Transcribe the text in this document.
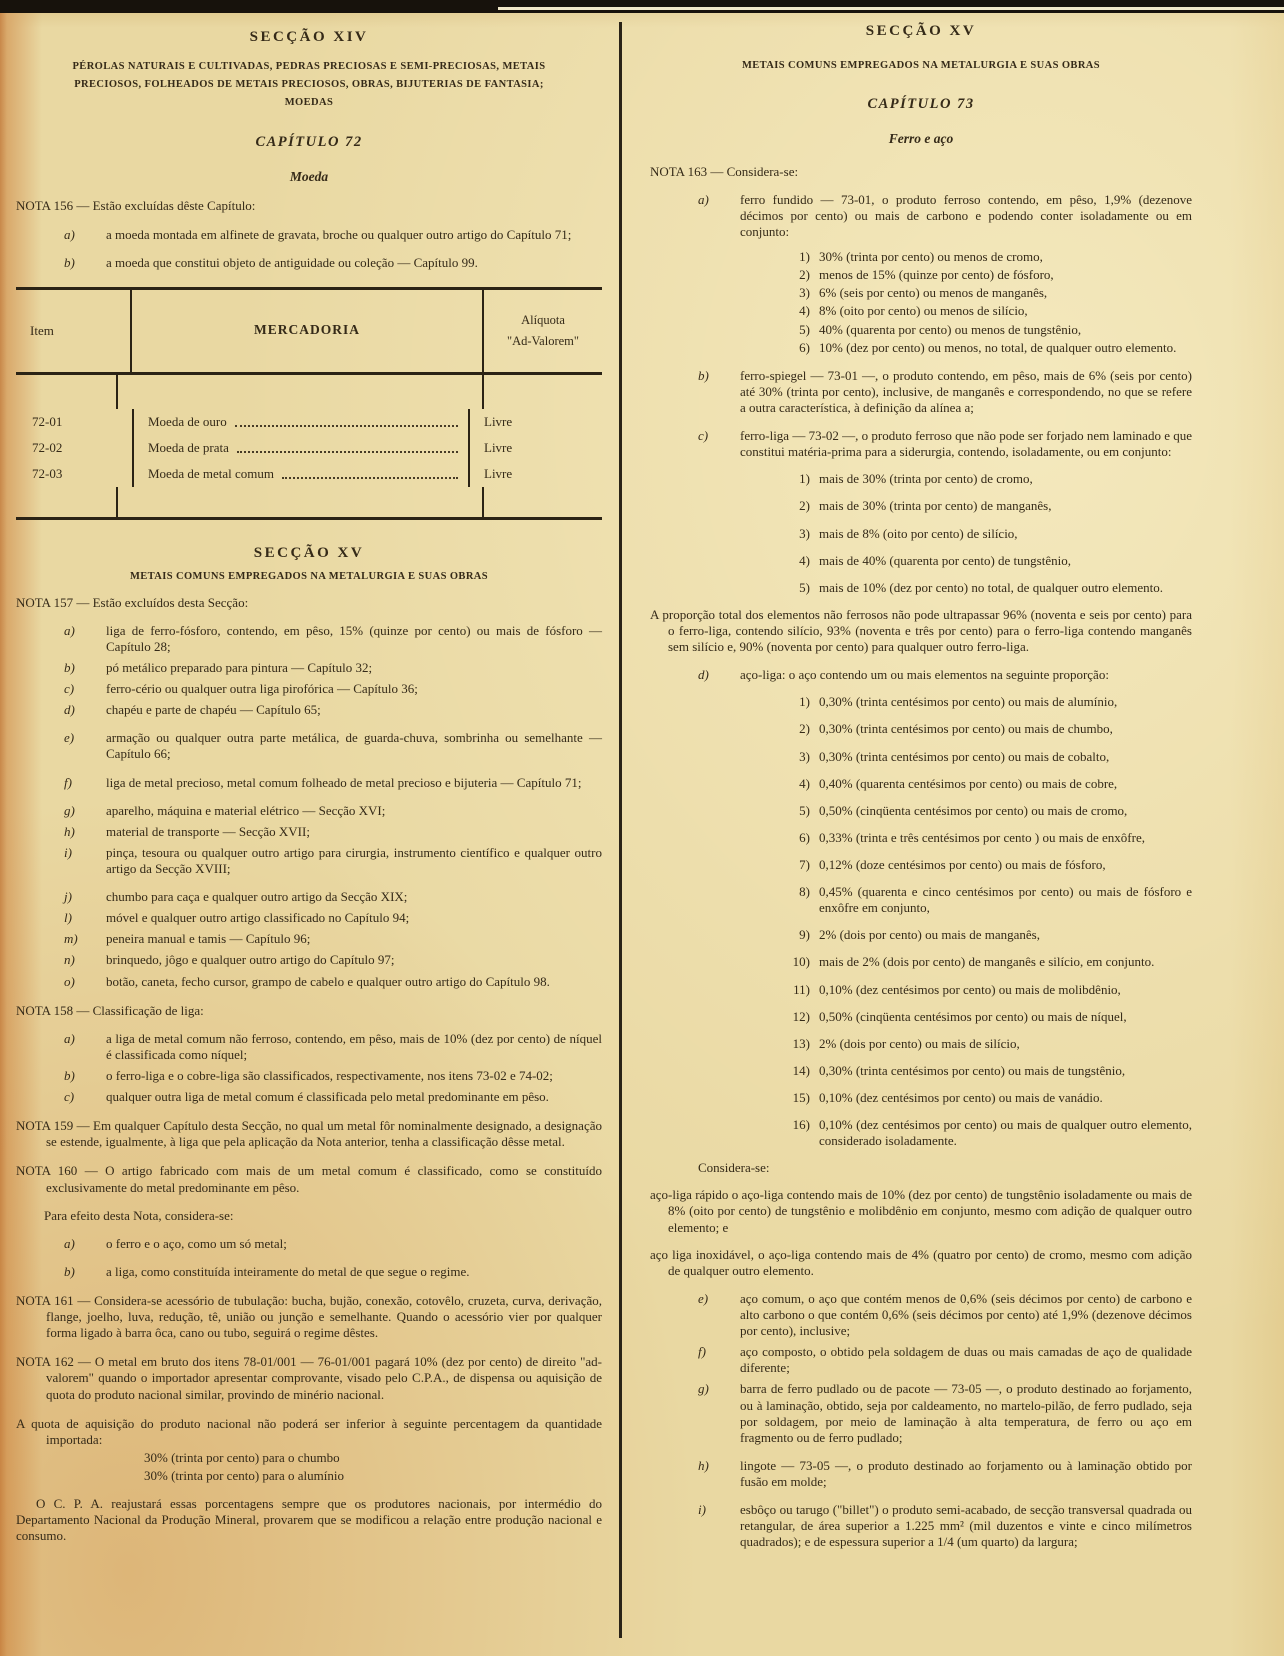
SECÇÃO XIV
PÉROLAS NATURAIS E CULTIVADAS, PEDRAS PRECIOSAS E SEMI-PRECIOSAS, METAIS PRECIOSOS, FOLHEADOS DE METAIS PRECIOSOS, OBRAS, BIJUTERIAS DE FANTASIA; MOEDAS
CAPÍTULO 72
Moeda
NOTA 156 — Estão excluídas dêste Capítulo:
a)	a moeda montada em alfinete de gravata, broche ou qualquer outro artigo do Capítulo 71;
b)	a moeda que constitui objeto de antiguidade ou coleção — Capítulo 99.
Item	MERCADORIA
Alíquota
"Ad-Valorem"
72-01	Moeda de ouro	Livre
72-02	Moeda de prata	Livre
72-03	Moeda de metal comum	Livre
SECÇÃO XV
METAIS COMUNS EMPREGADOS NA METALURGIA E SUAS OBRAS
NOTA 157 — Estão excluídos desta Secção:
a)	liga de ferro-fósforo, contendo, em pêso, 15% (quinze por cento) ou mais de fósforo — Capítulo 28;
b)	pó metálico preparado para pintura — Capítulo 32;
c)	ferro-cério ou qualquer outra liga pirofórica — Capítulo 36;
d)	chapéu e parte de chapéu — Capítulo 65;
e)	armação ou qualquer outra parte metálica, de guarda-chuva, sombrinha ou semelhante — Capítulo 66;
f)	liga de metal precioso, metal comum folheado de metal precioso e bijuteria — Capítulo 71;
g)	aparelho, máquina e material elétrico — Secção XVI;
h)	material de transporte — Secção XVII;
i)	pinça, tesoura ou qualquer outro artigo para cirurgia, instrumento científico e qualquer outro artigo da Secção XVIII;
j)	chumbo para caça e qualquer outro artigo da Secção XIX;
l)	móvel e qualquer outro artigo classificado no Capítulo 94;
m)	peneira manual e tamis — Capítulo 96;
n)	brinquedo, jôgo e qualquer outro artigo do Capítulo 97;
o)	botão, caneta, fecho cursor, grampo de cabelo e qualquer outro artigo do Capítulo 98.
NOTA 158 — Classificação de liga:
a)	a liga de metal comum não ferroso, contendo, em pêso, mais de 10% (dez por cento) de níquel é classificada como níquel;
b)	o ferro-liga e o cobre-liga são classificados, respectivamente, nos itens 73-02 e 74-02;
c)	qualquer outra liga de metal comum é classificada pelo metal predominante em pêso.
NOTA 159 — Em qualquer Capítulo desta Secção, no qual um metal fôr nominalmente designado, a designação se estende, igualmente, à liga que pela aplicação da Nota anterior, tenha a classificação dêsse metal.
NOTA 160 — O artigo fabricado com mais de um metal comum é classificado, como se constituído exclusivamente do metal predominante em pêso.
Para efeito desta Nota, considera-se:
a)	o ferro e o aço, como um só metal;
b)	a liga, como constituída inteiramente do metal de que segue o regime.
NOTA 161 — Considera-se acessório de tubulação: bucha, bujão, conexão, cotovêlo, cruzeta, curva, derivação, flange, joelho, luva, redução, tê, união ou junção e semelhante. Quando o acessório vier por qualquer forma ligado à barra ôca, cano ou tubo, seguirá o regime dêstes.
NOTA 162 — O metal em bruto dos itens 78-01/001 — 76-01/001 pagará 10% (dez por cento) de direito "ad-valorem" quando o importador apresentar comprovante, visado pelo C.P.A., de dispensa ou aquisição de quota do produto nacional similar, provindo de minério nacional.
A quota de aquisição do produto nacional não poderá ser inferior à seguinte percentagem da quantidade importada:
30% (trinta por cento) para o chumbo
30% (trinta por cento) para o alumínio
O C. P. A. reajustará essas porcentagens sempre que os produtores nacionais, por intermédio do Departamento Nacional da Produção Mineral, provarem que se modificou a relação entre produção nacional e consumo.
SECÇÃO XV
METAIS COMUNS EMPREGADOS NA METALURGIA E SUAS OBRAS
CAPÍTULO 73
Ferro e aço
NOTA 163 — Considera-se:
a)	ferro fundido — 73-01, o produto ferroso contendo, em pêso, 1,9% (dezenove décimos por cento) ou mais de carbono e podendo conter isoladamente ou em conjunto:
1) 30% (trinta por cento) ou menos de cromo,
2) menos de 15% (quinze por cento) de fósforo,
3) 6% (seis por cento) ou menos de manganês,
4) 8% (oito por cento) ou menos de silício,
5) 40% (quarenta por cento) ou menos de tungstênio,
6) 10% (dez por cento) ou menos, no total, de qualquer outro elemento.
b)	ferro-spiegel — 73-01 —, o produto contendo, em pêso, mais de 6% (seis por cento) até 30% (trinta por cento), inclusive, de manganês e correspondendo, no que se refere a outra característica, à definição da alínea a;
c)	ferro-liga — 73-02 —, o produto ferroso que não pode ser forjado nem laminado e que constitui matéria-prima para a siderurgia, contendo, isoladamente, ou em conjunto:
1) mais de 30% (trinta por cento) de cromo,
2) mais de 30% (trinta por cento) de manganês,
3) mais de 8% (oito por cento) de silício,
4) mais de 40% (quarenta por cento) de tungstênio,
5) mais de 10% (dez por cento) no total, de qualquer outro elemento.
A proporção total dos elementos não ferrosos não pode ultrapassar 96% (noventa e seis por cento) para o ferro-liga, contendo silício, 93% (noventa e três por cento) para o ferro-liga contendo manganês sem silício e, 90% (noventa por cento) para qualquer outro ferro-liga.
d)	aço-liga: o aço contendo um ou mais elementos na seguinte proporção:
1) 0,30% (trinta centésimos por cento) ou mais de alumínio,
2) 0,30% (trinta centésimos por cento) ou mais de chumbo,
3) 0,30% (trinta centésimos por cento) ou mais de cobalto,
4) 0,40% (quarenta centésimos por cento) ou mais de cobre,
5) 0,50% (cinqüenta centésimos por cento) ou mais de cromo,
6) 0,33% (trinta e três centésimos por cento ) ou mais de enxôfre,
7) 0,12% (doze centésimos por cento) ou mais de fósforo,
8) 0,45% (quarenta e cinco centésimos por cento) ou mais de fósforo e enxôfre em conjunto,
9) 2% (dois por cento) ou mais de manganês,
10) mais de 2% (dois por cento) de manganês e silício, em conjunto.
11) 0,10% (dez centésimos por cento) ou mais de molibdênio,
12) 0,50% (cinqüenta centésimos por cento) ou mais de níquel,
13) 2% (dois por cento) ou mais de silício,
14) 0,30% (trinta centésimos por cento) ou mais de tungstênio,
15) 0,10% (dez centésimos por cento) ou mais de vanádio.
16) 0,10% (dez centésimos por cento) ou mais de qualquer outro elemento, considerado isoladamente.
Considera-se:
aço-liga rápido o aço-liga contendo mais de 10% (dez por cento) de tungstênio isoladamente ou mais de 8% (oito por cento) de tungstênio e molibdênio em conjunto, mesmo com adição de qualquer outro elemento; e
aço liga inoxidável, o aço-liga contendo mais de 4% (quatro por cento) de cromo, mesmo com adição de qualquer outro elemento.
e)	aço comum, o aço que contém menos de 0,6% (seis décimos por cento) de carbono e alto carbono o que contém 0,6% (seis décimos por cento) até 1,9% (dezenove décimos por cento), inclusive;
f)	aço composto, o obtido pela soldagem de duas ou mais camadas de aço de qualidade diferente;
g)	barra de ferro pudlado ou de pacote — 73-05 —, o produto destinado ao forjamento, ou à laminação, obtido, seja por caldeamento, no martelo-pilão, de ferro pudlado, seja por soldagem, por meio de laminação à alta temperatura, de ferro ou aço em fragmento ou de ferro pudlado;
h)	lingote — 73-05 —, o produto destinado ao forjamento ou à laminação obtido por fusão em molde;
i)	esbôço ou tarugo ("billet") o produto semi-acabado, de secção transversal quadrada ou retangular, de área superior a 1.225 mm² (mil duzentos e vinte e cinco milímetros quadrados); e de espessura superior a 1/4 (um quarto) da largura;
